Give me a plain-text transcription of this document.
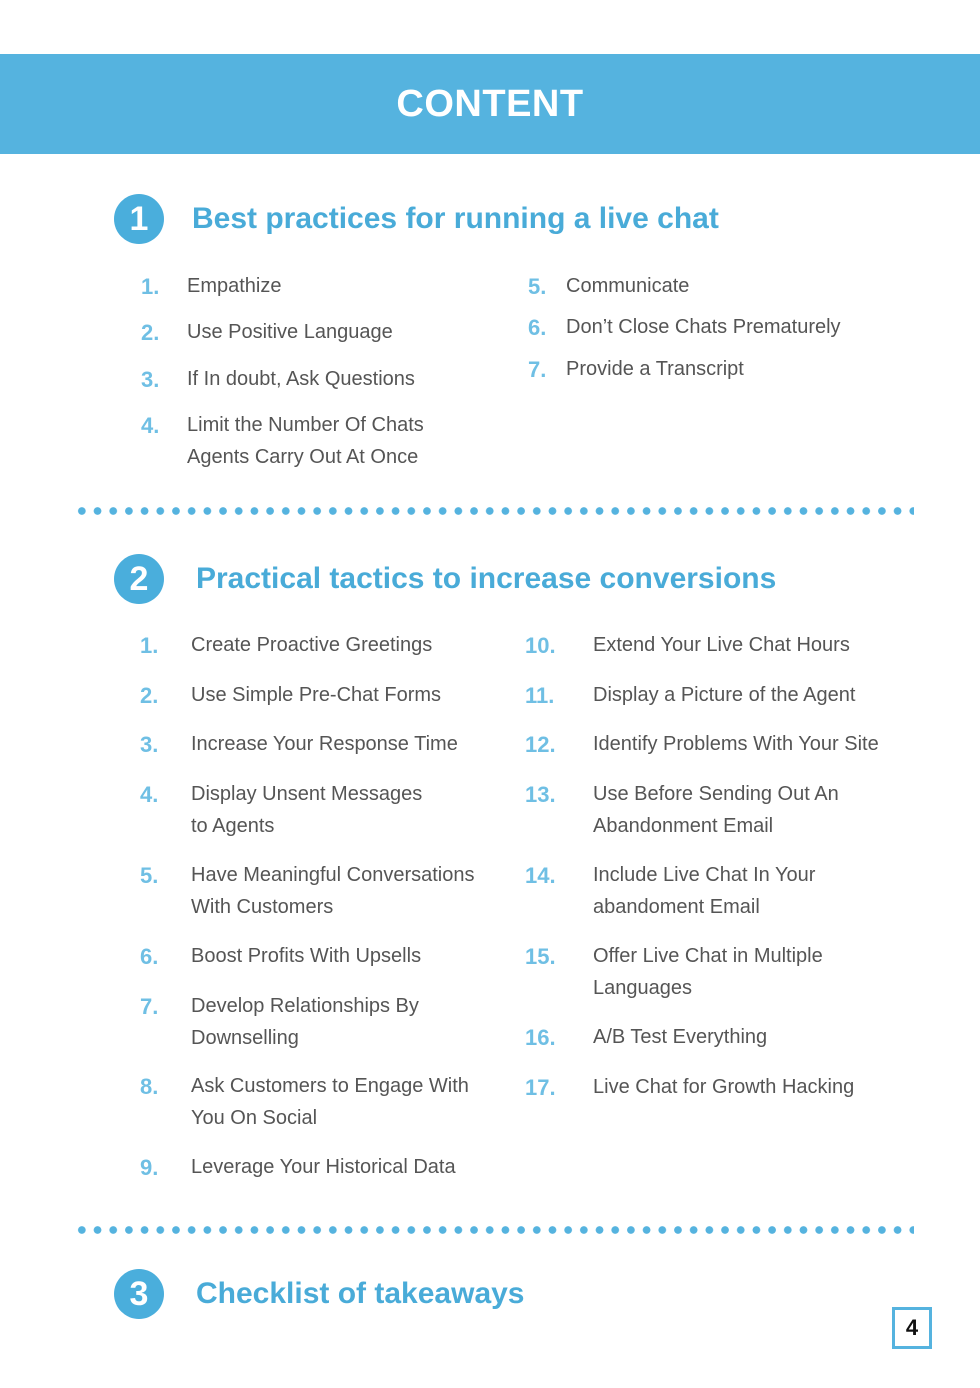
CONTENT
1	Best practices for running a live chat
1.	Empathize
2.	Use Positive Language
3.	If In doubt, Ask Questions
4.	Limit the Number Of Chats
Agents Carry Out At Once
5. Communicate
6. Don’t Close Chats Prematurely
7. Provide a Transcript
2	Practical tactics to increase conversions
1.	Create Proactive Greetings
2.	Use Simple Pre-Chat Forms
3.	Increase Your Response Time
4.	Display Unsent Messages
to Agents
5.	Have Meaningful Conversations
With Customers
6.	Boost Profits With Upsells
7.	Develop Relationships By
Downselling
8.	Ask Customers to Engage With
You On Social
9.	Leverage Your Historical Data
10.	Extend Your Live Chat Hours
11.	Display a Picture of the Agent
12.	Identify Problems With Your Site
13.	Use Before Sending Out An
Abandonment Email
14.	Include Live Chat In Your
abandoment Email
15.	Offer Live Chat in Multiple
Languages
16.	A/B Test Everything
17.	Live Chat for Growth Hacking
3	Checklist of takeaways
4
